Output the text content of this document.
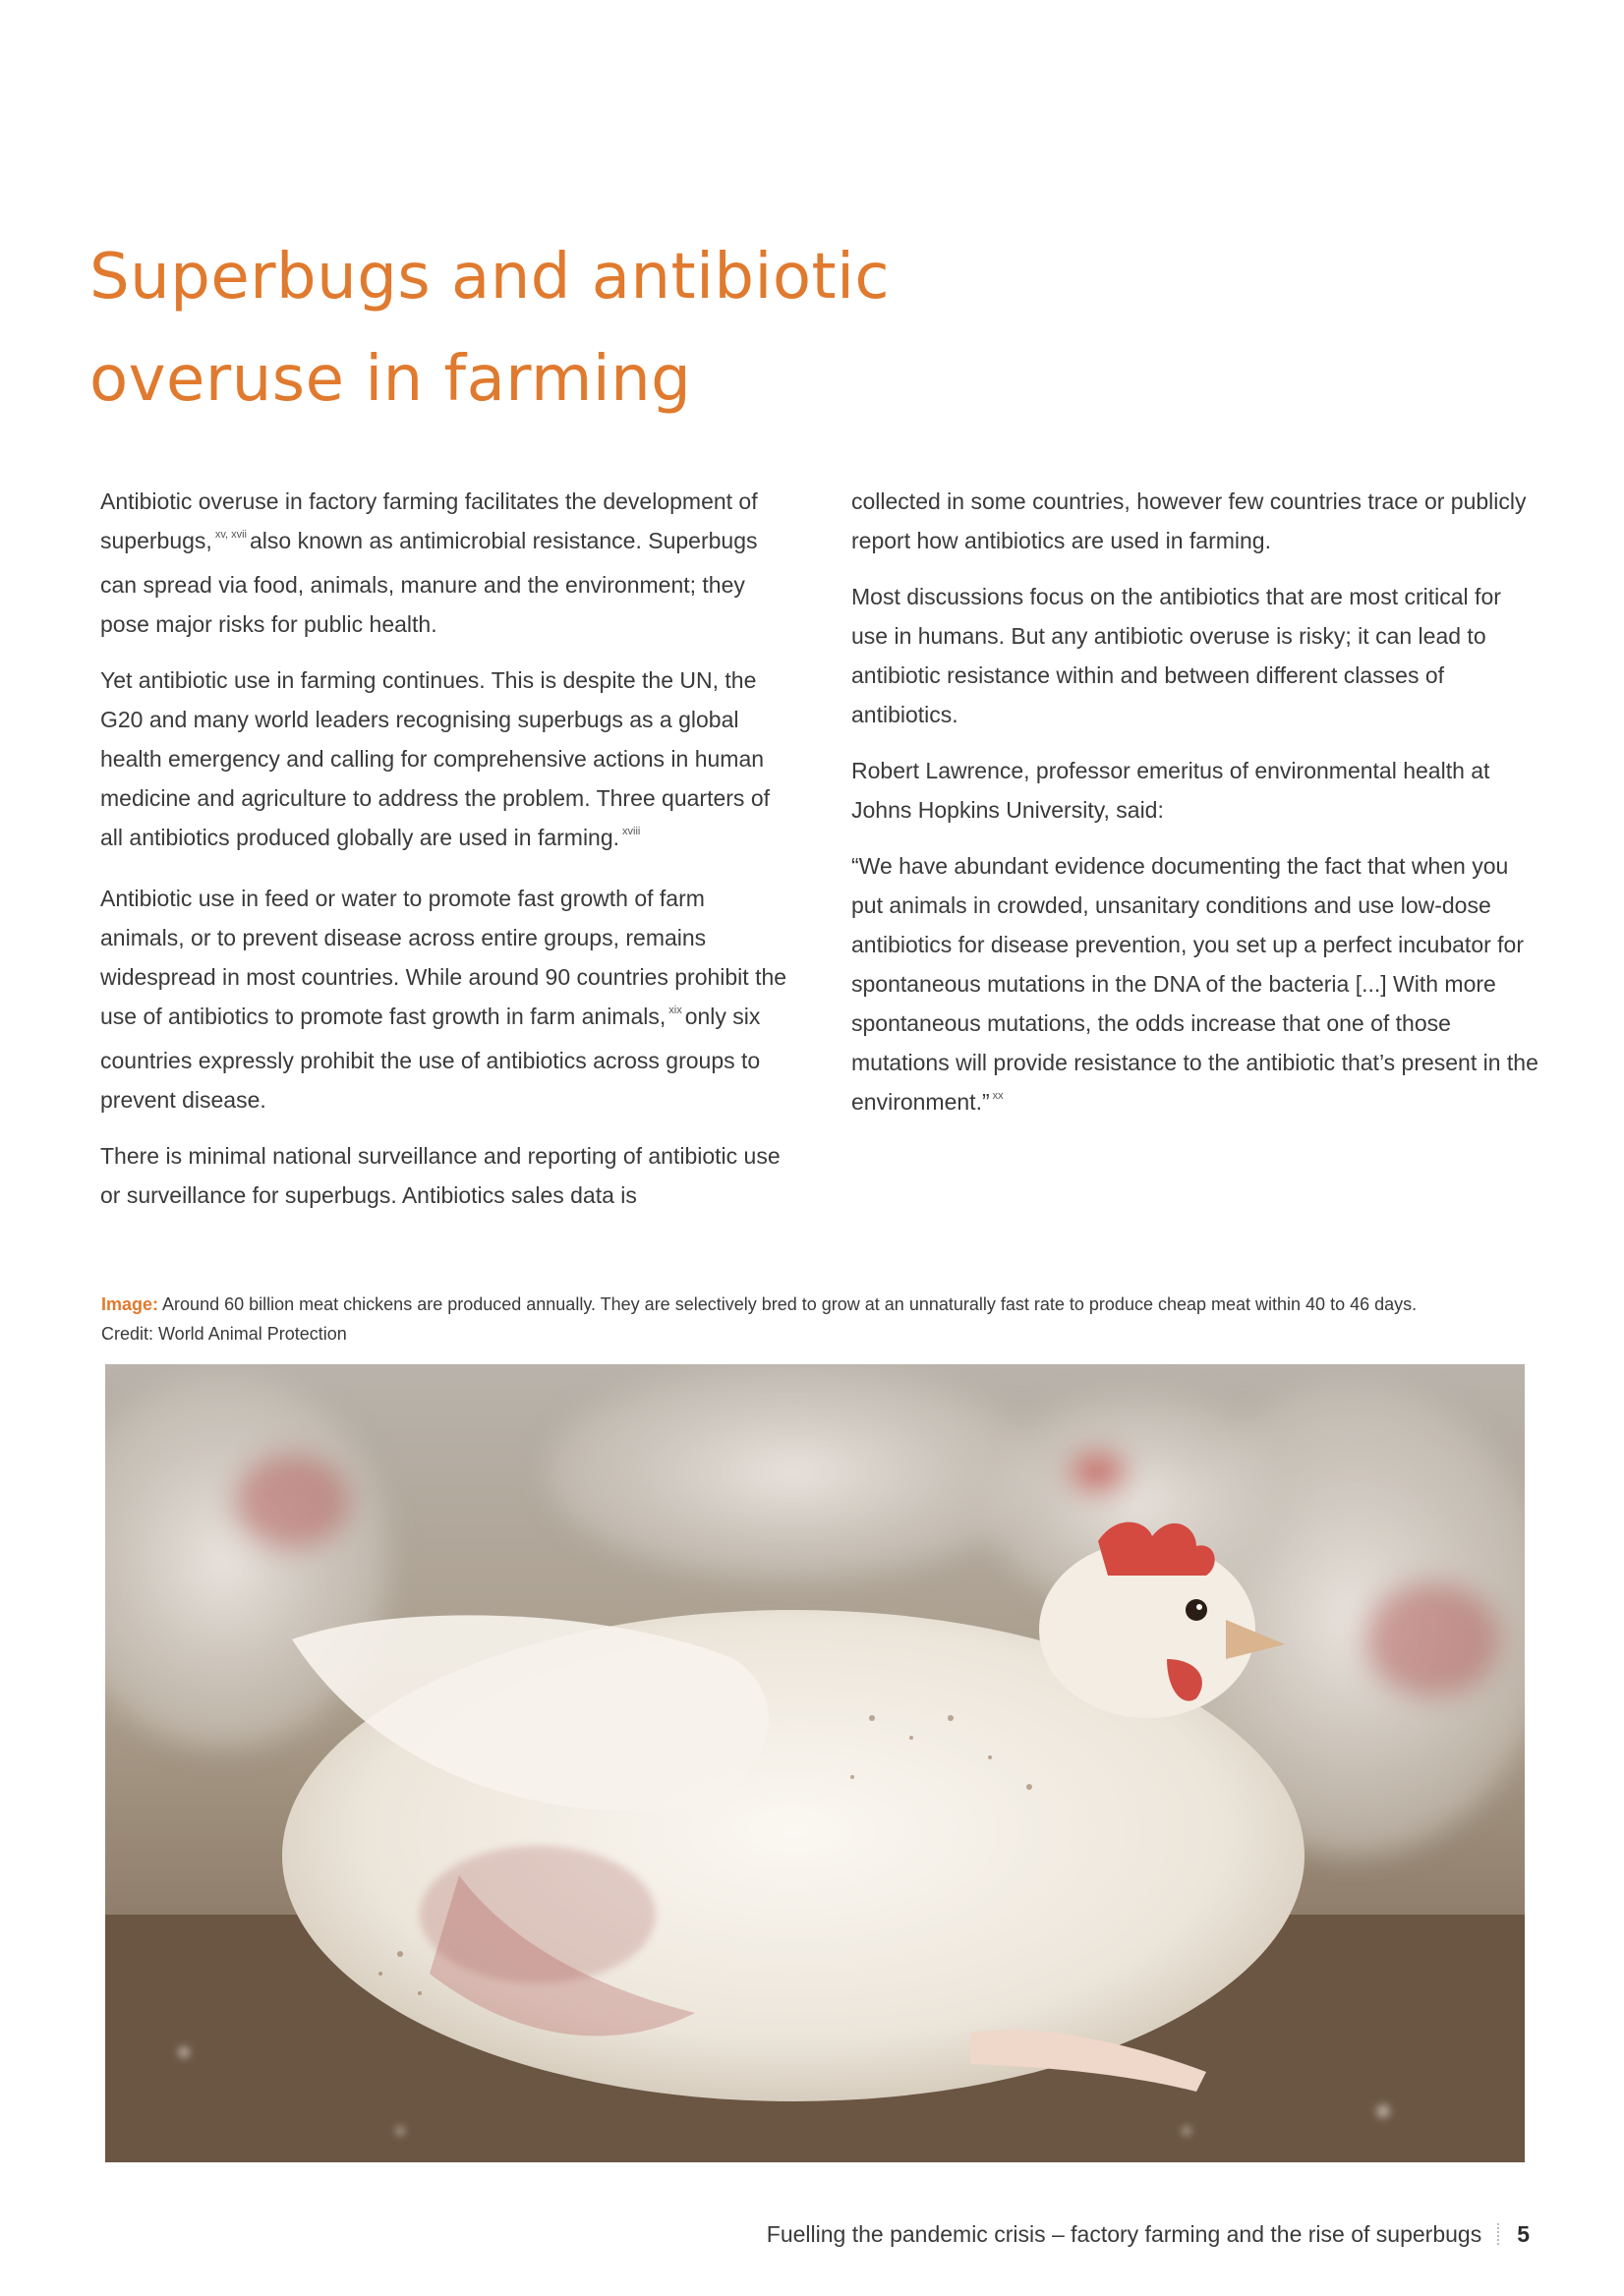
Superbugs and antibiotic
overuse in farming

Antibiotic overuse in factory farming facilitates the development of superbugs, $^{xv, xvii}$ also known as antimicrobial resistance. Superbugs can spread via food, animals, manure and the environment; they pose major risks for public health.

Yet antibiotic use in farming continues. This is despite the UN, the G20 and many world leaders recognising superbugs as a global health emergency and calling for comprehensive actions in human medicine and agriculture to address the problem. Three quarters of all antibiotics produced globally are used in farming. $^{xviii}$

Antibiotic use in feed or water to promote fast growth of farm animals, or to prevent disease across entire groups, remains widespread in most countries. While around 90 countries prohibit the use of antibiotics to promote fast growth in farm animals, $^{xix}$ only six countries expressly prohibit the use of antibiotics across groups to prevent disease.

There is minimal national surveillance and reporting of antibiotic use or surveillance for superbugs. Antibiotics sales data is

collected in some countries, however few countries trace or publicly report how antibiotics are used in farming.

Most discussions focus on the antibiotics that are most critical for use in humans. But any antibiotic overuse is risky; it can lead to antibiotic resistance within and between different classes of antibiotics.

Robert Lawrence, professor emeritus of environmental health at Johns Hopkins University, said:

“We have abundant evidence documenting the fact that when you put animals in crowded, unsanitary conditions and use low-dose antibiotics for disease prevention, you set up a perfect incubator for spontaneous mutations in the DNA of the bacteria [...] With more spontaneous mutations, the odds increase that one of those mutations will provide resistance to the antibiotic that’s present in the environment.” $^{xx}$

Image: Around 60 billion meat chickens are produced annually. They are selectively bred to grow at an unnaturally fast rate to produce cheap meat within 40 to 46 days.
Credit: World Animal Protection
Fuelling the pandemic crisis – factory farming and the rise of superbugs 5
